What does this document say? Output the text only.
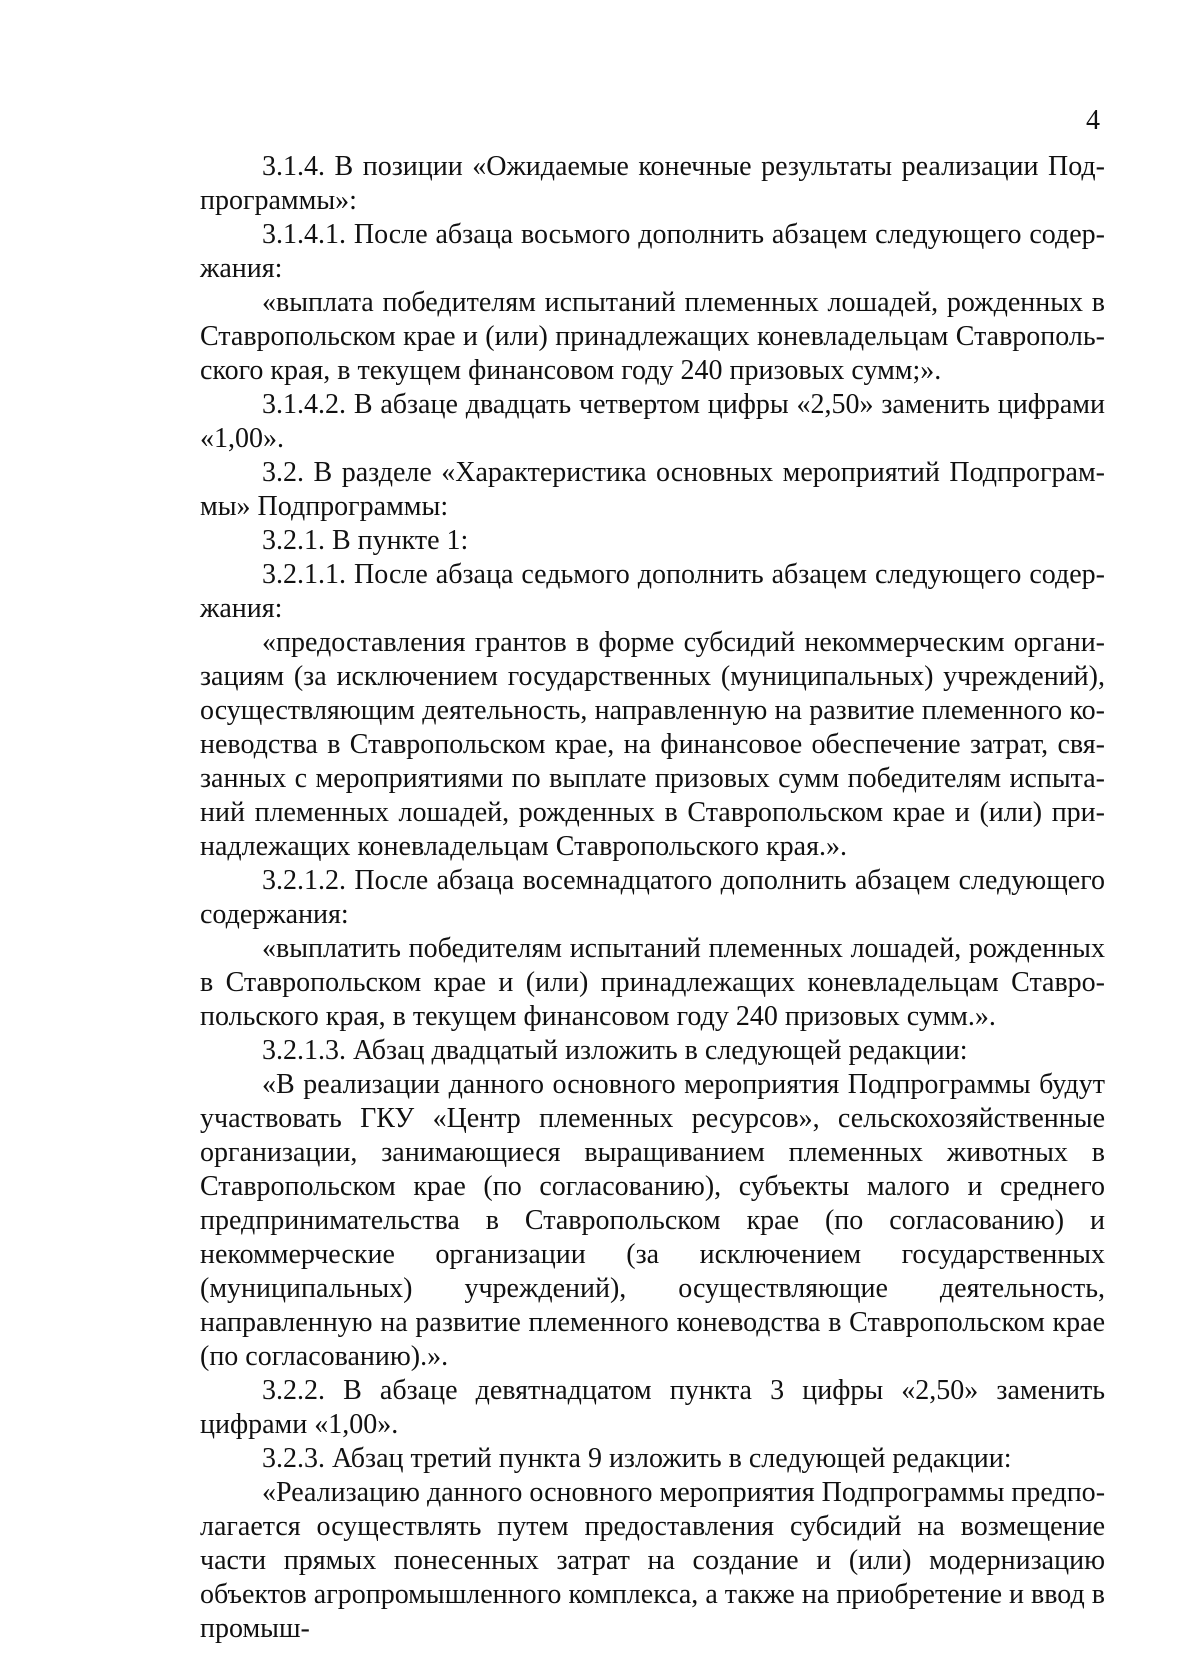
4

3.1.4. В позиции «Ожидаемые конечные результаты реализации Подпрограммы»:

3.1.4.1. После абзаца восьмого дополнить абзацем следующего содержания:

«выплата победителям испытаний племенных лошадей, рожденных в Ставропольском крае и (или) принадлежащих коневладельцам Ставропольского края, в текущем финансовом году 240 призовых сумм;».

3.1.4.2. В абзаце двадцать четвертом цифры «2,50» заменить цифрами «1,00».

3.2. В разделе «Характеристика основных мероприятий Подпрограммы» Подпрограммы:

3.2.1. В пункте 1:

3.2.1.1. После абзаца седьмого дополнить абзацем следующего содержания:

«предоставления грантов в форме субсидий некоммерческим организациям (за исключением государственных (муниципальных) учреждений), осуществляющим деятельность, направленную на развитие племенного коневодства в Ставропольском крае, на финансовое обеспечение затрат, связанных с мероприятиями по выплате призовых сумм победителям испытаний племенных лошадей, рожденных в Ставропольском крае и (или) принадлежащих коневладельцам Ставропольского края.».

3.2.1.2. После абзаца восемнадцатого дополнить абзацем следующего содержания:

«выплатить победителям испытаний племенных лошадей, рожденных в Ставропольском крае и (или) принадлежащих коневладельцам Ставропольского края, в текущем финансовом году 240 призовых сумм.».

3.2.1.3. Абзац двадцатый изложить в следующей редакции:

«В реализации данного основного мероприятия Подпрограммы будут участвовать ГКУ «Центр племенных ресурсов», сельскохозяйственные организации, занимающиеся выращиванием племенных животных в Ставропольском крае (по согласованию), субъекты малого и среднего предпринимательства в Ставропольском крае (по согласованию) и некоммерческие организации (за исключением государственных (муниципальных) учреждений), осуществляющие деятельность, направленную на развитие племенного коневодства в Ставропольском крае (по согласованию).».

3.2.2. В абзаце девятнадцатом пункта 3 цифры «2,50» заменить цифрами «1,00».

3.2.3. Абзац третий пункта 9 изложить в следующей редакции:

«Реализацию данного основного мероприятия Подпрограммы предполагается осуществлять путем предоставления субсидий на возмещение части прямых понесенных затрат на создание и (или) модернизацию объектов агропромышленного комплекса, а также на приобретение и ввод в промыш-
